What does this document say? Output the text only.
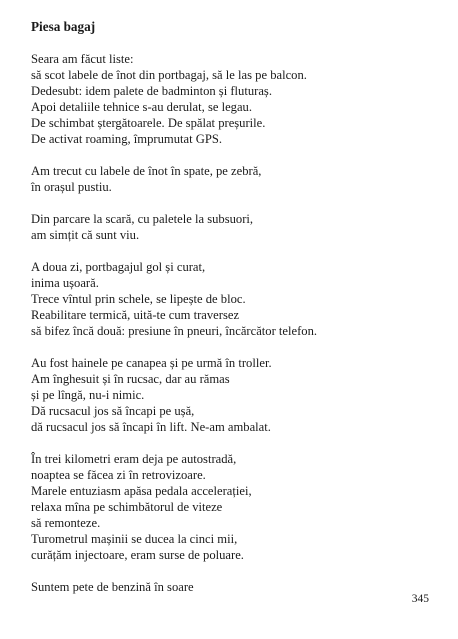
Piesa bagaj
Seara am făcut liste:
să scot labele de înot din portbagaj, să le las pe balcon.
Dedesubt: idem palete de badminton și fluturaș.
Apoi detaliile tehnice s-au derulat, se legau.
De schimbat ștergătoarele. De spălat preșurile.
De activat roaming, împrumutat GPS.
Am trecut cu labele de înot în spate, pe zebră,
în orașul pustiu.
Din parcare la scară, cu paletele la subsuori,
am simțit că sunt viu.
A doua zi, portbagajul gol și curat,
inima ușoară.
Trece vîntul prin schele, se lipește de bloc.
Reabilitare termică, uită-te cum traversez
să bifez încă două: presiune în pneuri, încărcător telefon.
Au fost hainele pe canapea și pe urmă în troller.
Am înghesuit și în rucsac, dar au rămas
și pe lîngă, nu-i nimic.
Dă rucsacul jos să încapi pe ușă,
dă rucsacul jos să încapi în lift. Ne-am ambalat.
În trei kilometri eram deja pe autostradă,
noaptea se făcea zi în retrovizoare.
Marele entuziasm apăsa pedala accelerației,
relaxa mîna pe schimbătorul de viteze
să remonteze.
Turometrul mașinii se ducea la cinci mii,
curățăm injectoare, eram surse de poluare.
Suntem pete de benzină în soare
345
